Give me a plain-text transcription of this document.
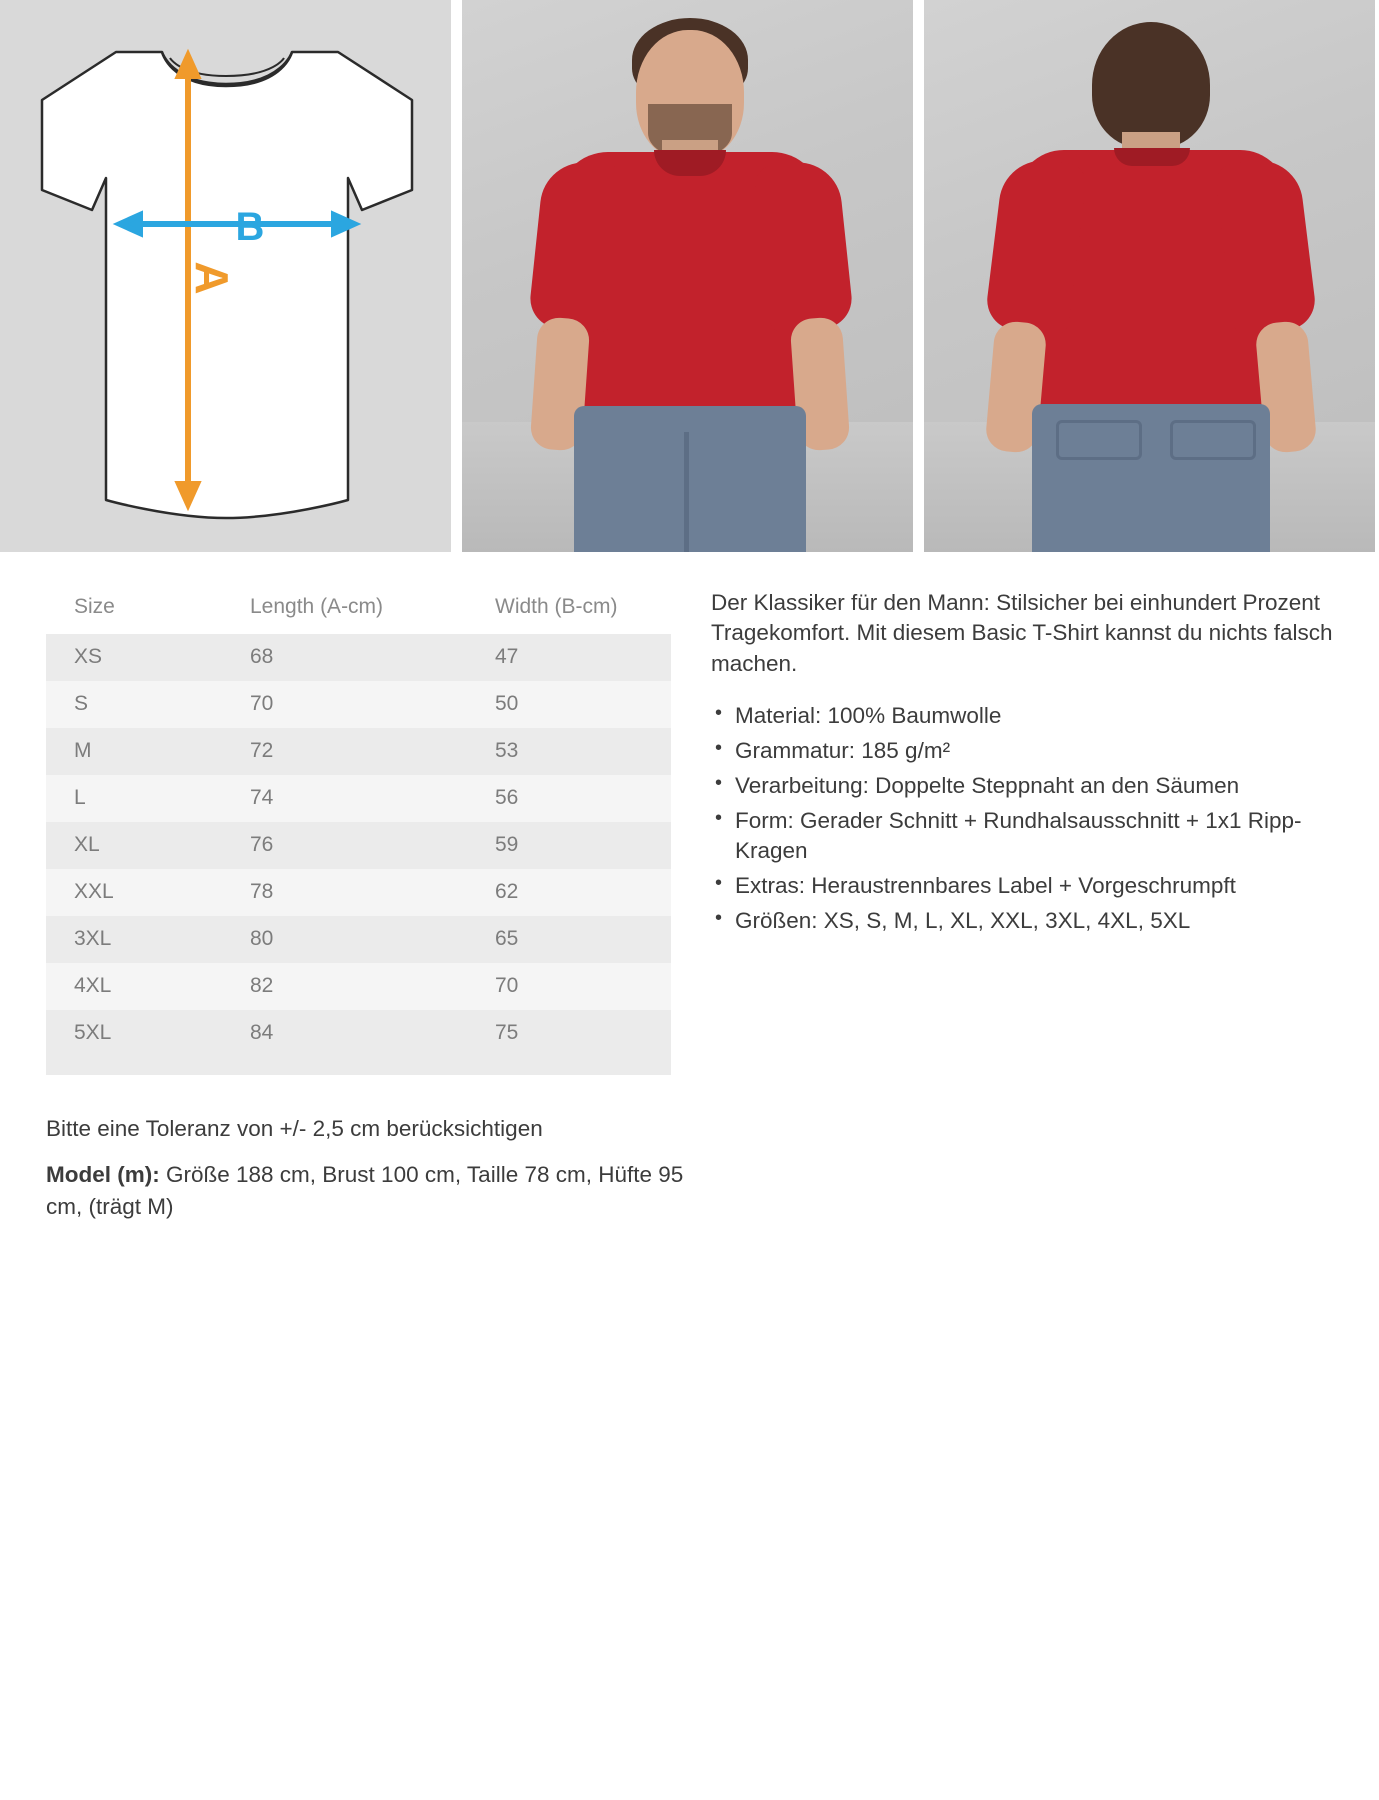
A
B
Size	Length (A-cm)	Width (B-cm)
XS	68	47
S	70	50
M	72	53
L	74	56
XL	76	59
XXL	78	62
3XL	80	65
4XL	82	70
5XL	84	75

Der Klassiker für den Mann: Stilsicher bei einhundert Prozent Tragekomfort. Mit diesem Basic T-Shirt kannst du nichts falsch machen.

• Material: 100% Baumwolle
• Grammatur: 185 g/m²
• Verarbeitung: Doppelte Steppnaht an den Säumen
• Form: Gerader Schnitt + Rundhalsausschnitt + 1x1 Ripp-Kragen
• Extras: Heraustrennbares Label + Vorgeschrumpft
• Größen: XS, S, M, L, XL, XXL, 3XL, 4XL, 5XL

Bitte eine Toleranz von +/- 2,5 cm berücksichtigen

Model (m): Größe 188 cm, Brust 100 cm, Taille 78 cm, Hüfte 95 cm, (trägt M)
